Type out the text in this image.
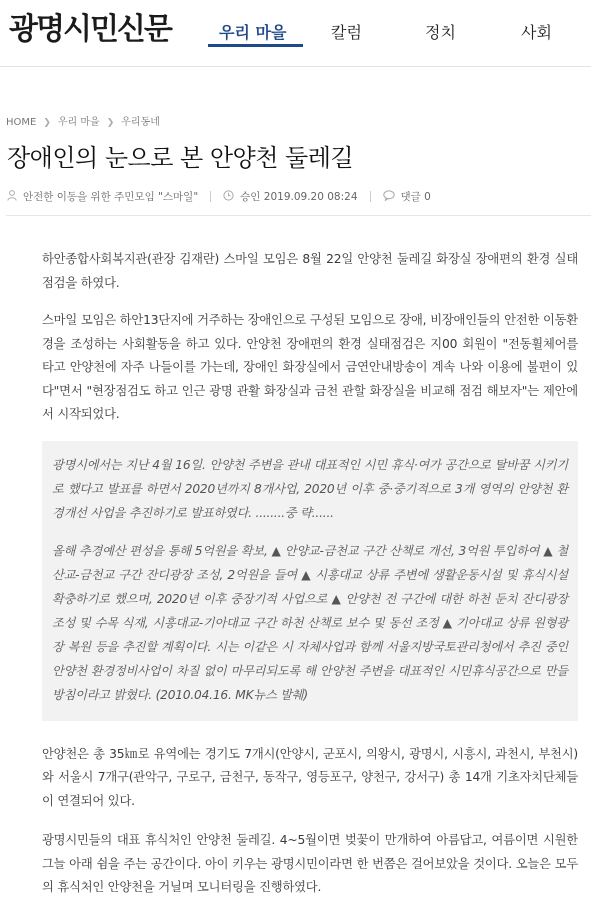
광명시민신문	우리 마을	칼럼	정치	사회
HOME ❯ 우리 마을 ❯ 우리동네
장애인의 눈으로 본 안양천 둘레길
안전한 이동을 위한 주민모임 "스마일"	승인 2019.09.20 08:24	댓글 0

하안종합사회복지관(관장 김재란) 스마일 모임은 8월 22일 안양천 둘레길 화장실 장애편의 환경 실태점검을 하였다.

스마일 모임은 하안13단지에 거주하는 장애인으로 구성된 모임으로 장애, 비장애인들의 안전한 이동환경을 조성하는 사회활동을 하고 있다. 안양천 장애편의 환경 실태점검은 지00 회원이 "전동휠체어를 타고 안양천에 자주 나들이를 가는데, 장애인 화장실에서 금연안내방송이 계속 나와 이용에 불편이 있다"면서 "현장점검도 하고 인근 광명 관활 화장실과 금천 관할 화장실을 비교해 점검 해보자"는 제안에서 시작되었다.

광명시에서는 지난 4월 16일. 안양천 주변을 관내 대표적인 시민 휴식·여가 공간으로 탈바꿈 시키기로 했다고 발표를 하면서 2020년까지 8개사업, 2020년 이후 중·중기적으로 3개 영역의 안양천 환경개선 사업을 추진하기로 발표하였다. ........중 략......

올해 추경예산 편성을 통해 5억원을 확보, ▲ 안양교-금천교 구간 산책로 개선, 3억원 투입하여 ▲ 철산교-금천교 구간 잔디광장 조성, 2억원을 들여 ▲ 시흥대교 상류 주변에 생활운동시설 및 휴식시설 확충하기로 했으며, 2020년 이후 중장기적 사업으로 ▲ 안양천 전 구간에 대한 하천 둔치 잔디광장 조성 및 수목 식재, 시흥대교-기아대교 구간 하천 산책로 보수 및 동선 조정 ▲ 기아대교 상류 원형광장 복원 등을 추진할 계획이다. 시는 이같은 시 자체사업과 함께 서울지방국토관리청에서 추진 중인 안양천 환경정비사업이 차질 없이 마무리되도록 해 안양천 주변을 대표적인 시민휴식공간으로 만들 방침이라고 밝혔다. (2010.04.16. MK뉴스 발췌)

안양천은 총 35㎞로 유역에는 경기도 7개시(안양시, 군포시, 의왕시, 광명시, 시흥시, 과천시, 부천시)와 서울시 7개구(관악구, 구로구, 금천구, 동작구, 영등포구, 양천구, 강서구) 총 14개 기초자치단체들이 연결되어 있다.

광명시민들의 대표 휴식처인 안양천 둘레길. 4~5월이면 벚꽃이 만개하여 아름답고, 여름이면 시원한 그늘 아래 쉼을 주는 공간이다. 아이 키우는 광명시민이라면 한 번쯤은 걸어보았을 것이다. 오늘은 모두의 휴식처인 안양천을 거닐며 모니터링을 진행하였다.
